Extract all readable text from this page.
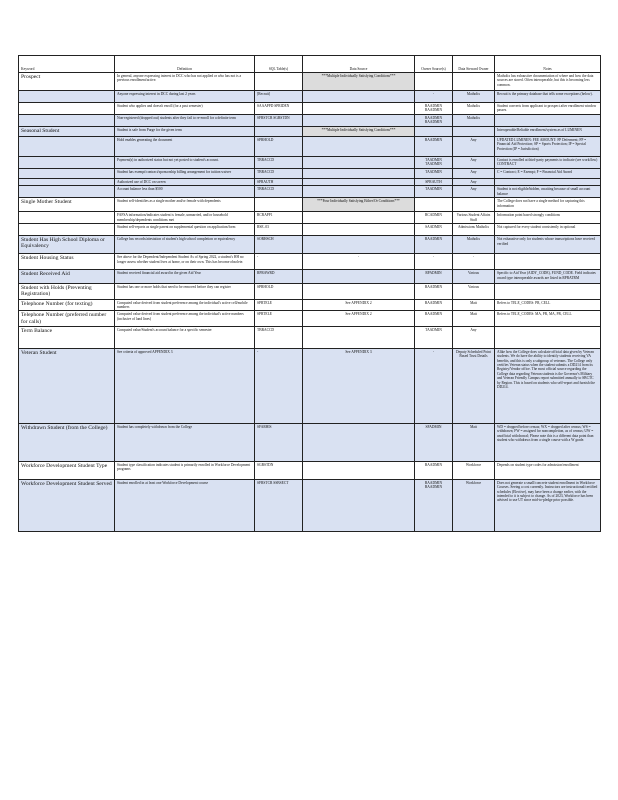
Keyword	Definition	SQL Table(s)	Data Source	Owner Source(s)	Data Steward Owner	Notes
Prospect	In general, anyone expressing interest in DCC who has not applied or who has not is a previous enrollment/active.		***Multiple Individually Satisfying Conditions***			Matholix has exhaustive documentation of where and how the data sources are stored. Often interoperable, but this is becoming less common.
	Anyone expressing interest in DCC during last 2 years	[Recruit]		-	Matholix	Recruit is the primary database that tells some exceptions (below).
	Student who applies and doesn't enroll (for a past semester)	SAAAPPD SPRIDEN		BAADMIN BAADMIN	Matholix	Student converts from applicant to prospect after enrollment window passes.
	Non-registered (dropped out) students after they fail to re-enroll for a definite term	SFRSTCR SGBSTDN		BAADMIN BAADMIN	Matholix	
Seasonal Student	Student is safe from Purge for the given term		***Multiple Individually Satisfying Conditions***			Interoperable/Reliable enrollment/system as of LUMINEN
	Hold enables generating the document	SPRHOLD		BAADMIN	Any	UPDATED LUMINEN: FEE AMOUNT: FP Deferment; FP = Financial Aid Protection; SP = Sports Protection; IP = Special Protection (IP = Jurisdiction)
	Payment(s) in authorized status but not yet posted to student's account.	TBRACCD		TAADMIN TAADMIN	Any	Contact is enrolled at third-party payments to indicate (see workflow) CONTRACT
	Student has exempt/contract/sponsorship billing arrangement for tuition waiver	TBRACCD		TAADMIN	Any	C = Contract; E = Exempt; F = Financial Aid Award
	Authorized use of DCC on screen	SPRAUTH		SPRAUTH	Any	
	Account balance less than $500	TBRACCD		TAADMIN	Any	Student is not eligible/hidden, awaiting because of small account balance
Single Mother Student	Student self-identifies as a single mother and/or female with dependents		***Four Individually Satisfying Either/Or Conditions***			The College does not have a single method for capturing this information
	FAFSA information/indicates student is female, unmarried, and/or household membership/dependents conditions met	RCRAPP1		RCADMIN	Various Student Affairs Staff	Information point based strongly conditions
	Student self-reports as single parent on supplemental question on application/form	RSE..03		SAADMIN	Admissions Matholix	Not captured for every student consistently in optional
Student Has High School Diploma or Equivalency	College has records/attestation of student's high school completion or equivalency	SORHSCH		BAADMIN	Matholix	Not exhaustive only for students whose transcriptions have received verified
Student Housing Status	See above for the Dependent/Independent Student As of Spring 2022, a student's HH no longer assess whether student lives at home, or on their own. This has become obsolete.	-	-	-	-	
Student Received Aid	Student received financial aid award in the given Aid Year	RPRAWRD		RPADMIN	Various	Specific to Aid Year (AIDY_CODE), FUND_CODE. Field indicates award type interoperable awards are listed in RPRATRM
Student with Holds (Preventing Registration)	Student has one or more holds that need to be removed before they can register	SPRHOLD		BAADMIN	Various	
Telephone Number (for texting)	Computed value derived from student preference among the individual's active cell/mobile numbers	SPRTELE	See APPENDIX 2	BAADMIN	Matt	Refers to TELE_CODES: PR, CELL
Telephone Number (preferred number for calls)	Computed value derived from student preference among the individual's active numbers (inclusive of land lines)	SPRTELE	See APPENDIX 2	BAADMIN	Matt	Refers to TELE_CODES: MA, PR, MA, PR, CELL
Term Balance	Computed value/Student's account balance for a specific semester	TBRACCD		TAADMIN	Any	
Veteran Student	See criteria of approved APPENDIX 3	-	See APPENDIX 3	-	Deputy Scheduled Point Based Trust Details	Alike how the College does calculate official data given by Veteran students. We do have the ability to identify students receiving VA benefits, and this is only a subgroup of veterans. The College only certifies Veteran status when the student submits a DD214 from its Registry/Vendor office. The most official source regarding the College data regarding Veteran students is the Governor's Military and Veteran Friendly Campus report submitted annually to SBCTC by Region. This is based on students who self-report and furnish the DD214.
Withdrawn Student (from the College)	Student has completely withdrawn from the College	SFARHIS		SFADMIN	Matt	WD = dropped before census; WX = dropped after census; WS = withdrawn; FW = assigned for noncompletion, as of census; UW = unofficial withdrawal; Please note this is a different data point than student who withdraws from a single course with a W grade.
Workforce Development Student Type	Student type classification indicates student is primarily enrolled in Workforce Development programs	SGBSTDN		BAADMIN	Workforce	Depends on student type codes for admission/enrollment
Workforce Development Student Served	Student enrolled in at least one Workforce Development course	SFRSTCR SSBSECT		BAADMIN BAADMIN	Workforce	Does not generate a small/concrete student enrollment in Workforce Courses. Seeing a cost currently. Instructors are instructional/certified schedules (Elective), may have been a change earlier, with the intended to it is subject to change. As of 2023, Workforce has been advised to use UT since mid-to-pledge prior possible.
